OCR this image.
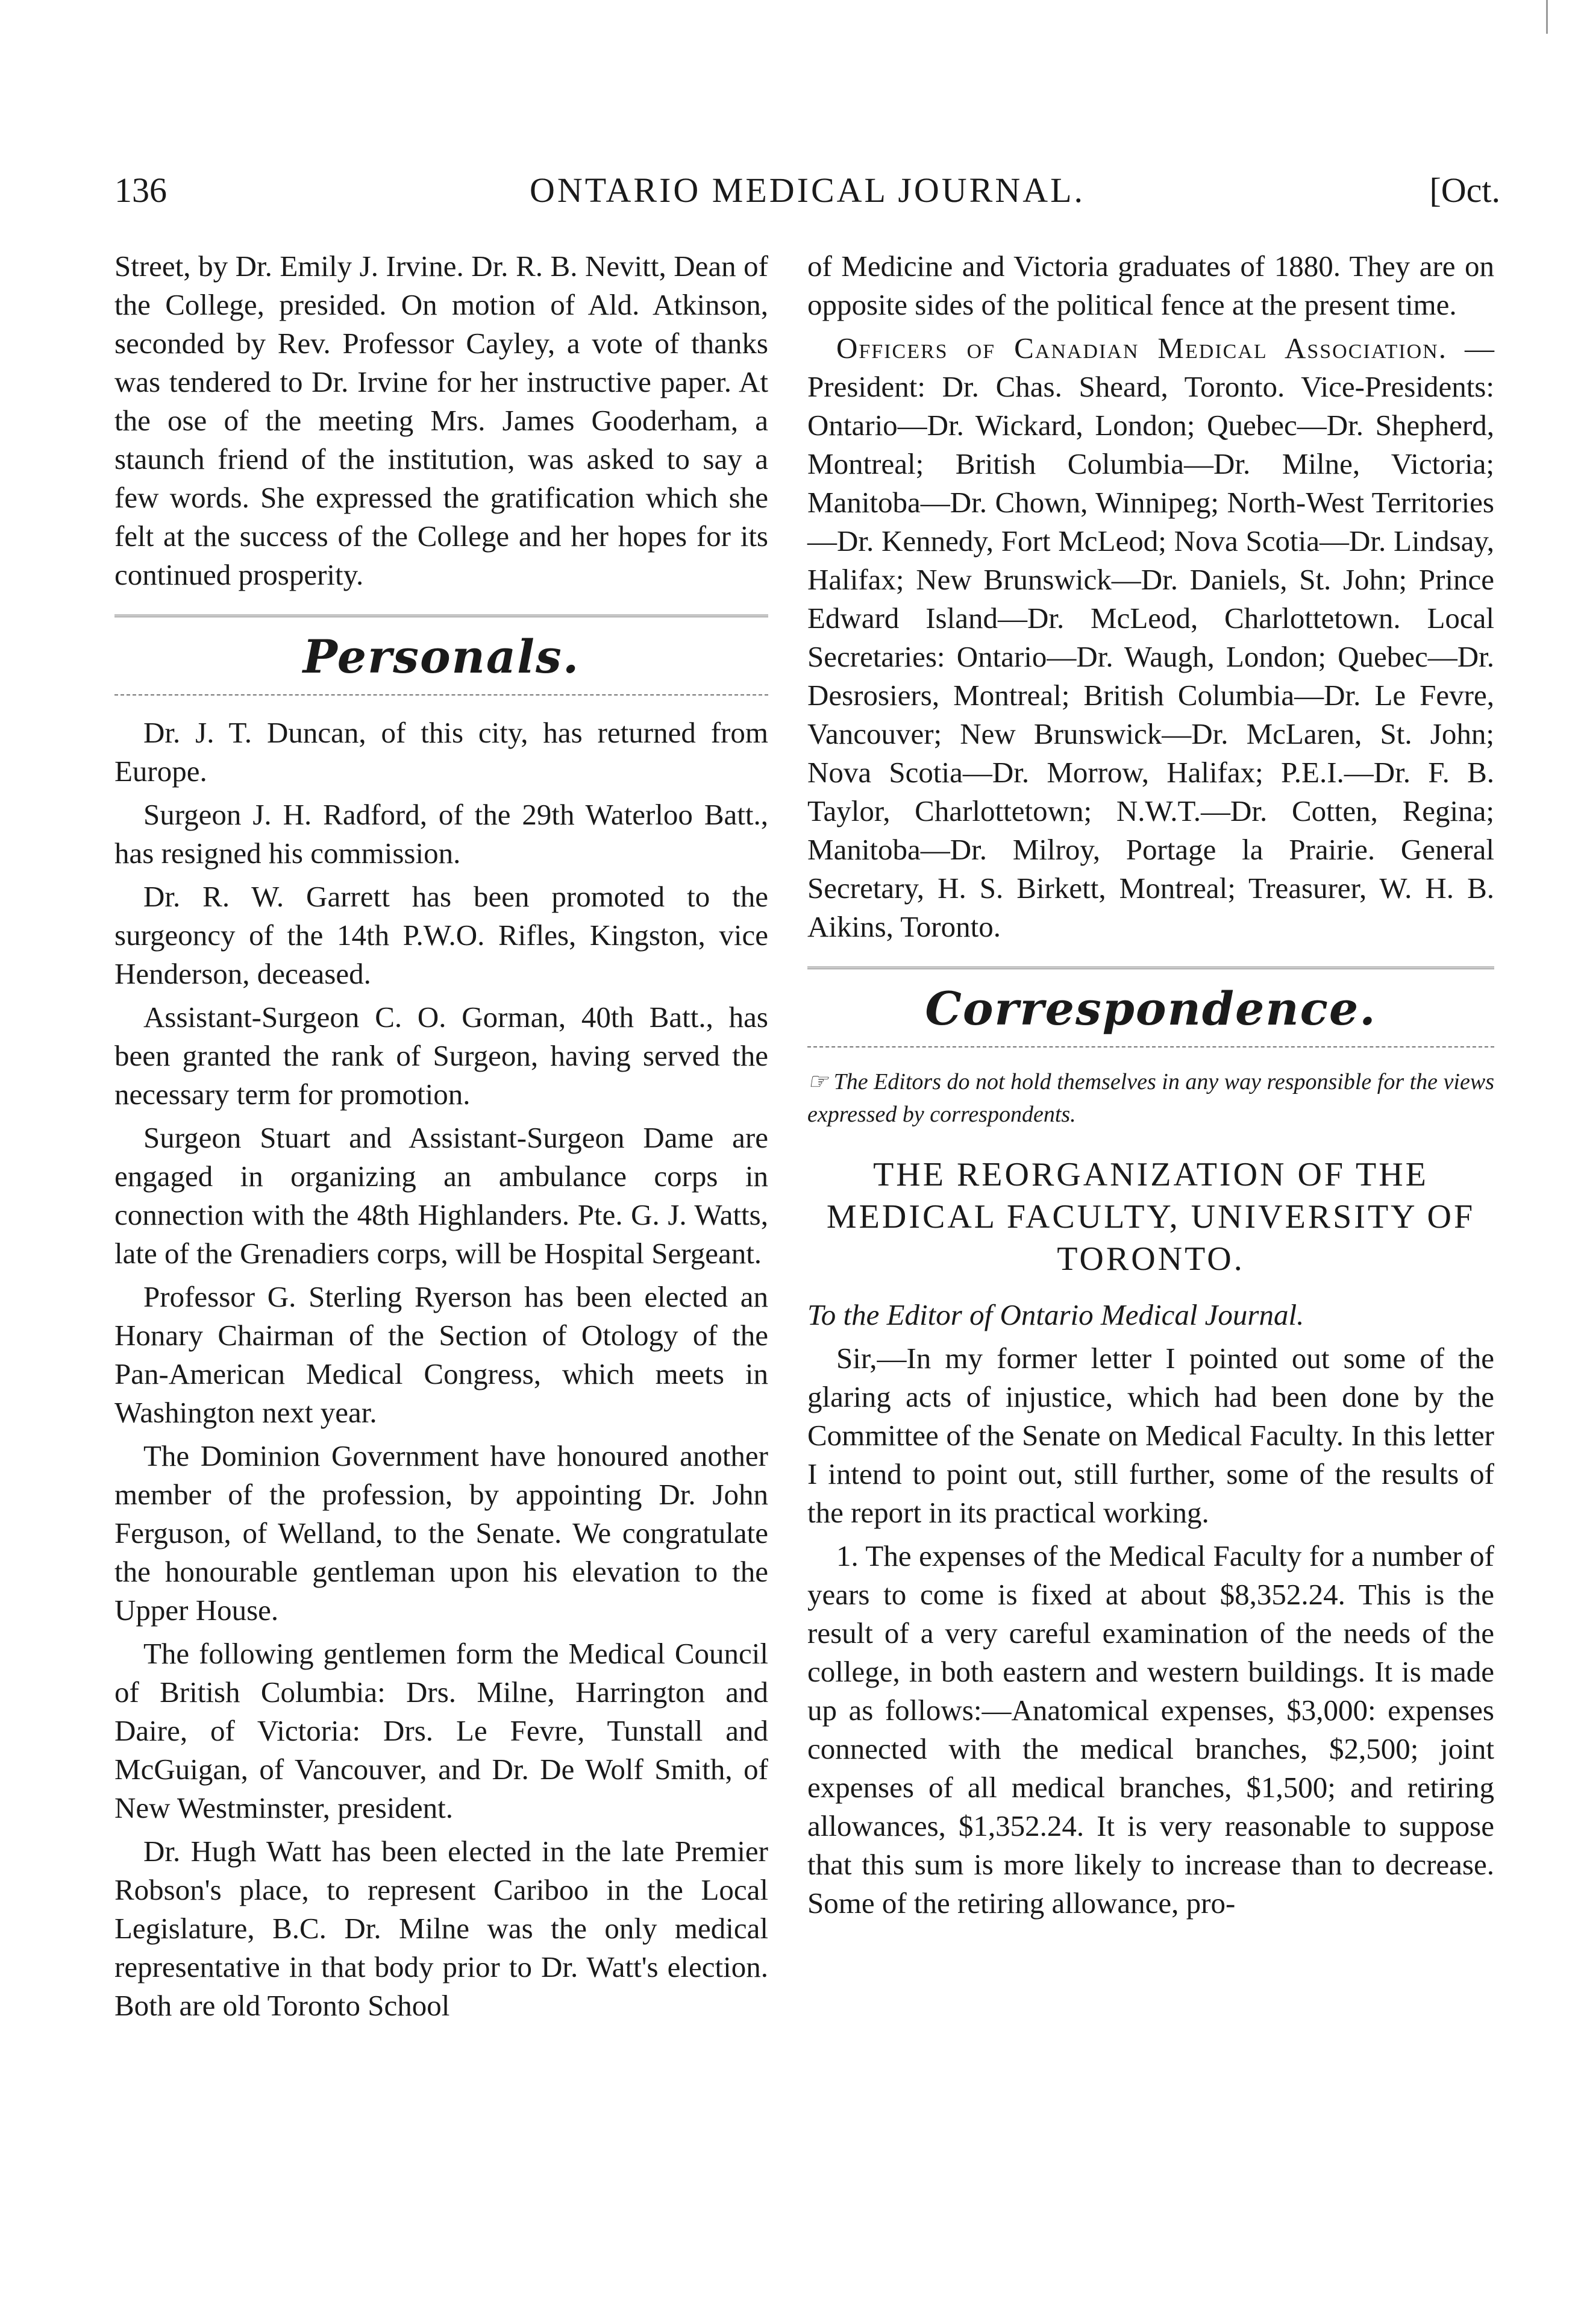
136	ONTARIO MEDICAL JOURNAL.	[Oct.

Street, by Dr. Emily J. Irvine. Dr. R. B. Nevitt, Dean of the College, presided. On motion of Ald. Atkinson, seconded by Rev. Professor Cayley, a vote of thanks was tendered to Dr. Irvine for her instructive paper. At the ose of the meeting Mrs. James Gooderham, a staunch friend of the institution, was asked to say a few words. She expressed the gratification which she felt at the success of the College and her hopes for its continued prosperity.

Personals.

Dr. J. T. Duncan, of this city, has returned from Europe.

Surgeon J. H. Radford, of the 29th Waterloo Batt., has resigned his commission.

Dr. R. W. Garrett has been promoted to the surgeoncy of the 14th P.W.O. Rifles, Kingston, vice Henderson, deceased.

Assistant-Surgeon C. O. Gorman, 40th Batt., has been granted the rank of Surgeon, having served the necessary term for promotion.

Surgeon Stuart and Assistant-Surgeon Dame are engaged in organizing an ambulance corps in connection with the 48th Highlanders. Pte. G. J. Watts, late of the Grenadiers corps, will be Hospital Sergeant.

Professor G. Sterling Ryerson has been elected an Honary Chairman of the Section of Otology of the Pan-American Medical Congress, which meets in Washington next year.

The Dominion Government have honoured another member of the profession, by appointing Dr. John Ferguson, of Welland, to the Senate. We congratulate the honourable gentleman upon his elevation to the Upper House.

The following gentlemen form the Medical Council of British Columbia: Drs. Milne, Harrington and Daire, of Victoria: Drs. Le Fevre, Tunstall and McGuigan, of Vancouver, and Dr. De Wolf Smith, of New Westminster, president.

Dr. Hugh Watt has been elected in the late Premier Robson's place, to represent Cariboo in the Local Legislature, B.C. Dr. Milne was the only medical representative in that body prior to Dr. Watt's election. Both are old Toronto School

of Medicine and Victoria graduates of 1880. They are on opposite sides of the political fence at the present time.

Officers of Canadian Medical Association. —President: Dr. Chas. Sheard, Toronto. Vice-Presidents: Ontario—Dr. Wickard, London; Quebec—Dr. Shepherd, Montreal; British Columbia—Dr. Milne, Victoria; Manitoba—Dr. Chown, Winnipeg; North-West Territories—Dr. Kennedy, Fort McLeod; Nova Scotia—Dr. Lindsay, Halifax; New Brunswick—Dr. Daniels, St. John; Prince Edward Island—Dr. McLeod, Charlottetown. Local Secretaries: Ontario—Dr. Waugh, London; Quebec—Dr. Desrosiers, Montreal; British Columbia—Dr. Le Fevre, Vancouver; New Brunswick—Dr. McLaren, St. John; Nova Scotia—Dr. Morrow, Halifax; P.E.I.—Dr. F. B. Taylor, Charlottetown; N.W.T.—Dr. Cotten, Regina; Manitoba—Dr. Milroy, Portage la Prairie. General Secretary, H. S. Birkett, Montreal; Treasurer, W. H. B. Aikins, Toronto.

Correspondence.

☞ The Editors do not hold themselves in any way responsible for the views expressed by correspondents.

THE REORGANIZATION OF THE MEDICAL FACULTY, UNIVERSITY OF TORONTO.

To the Editor of Ontario Medical Journal.

Sir,—In my former letter I pointed out some of the glaring acts of injustice, which had been done by the Committee of the Senate on Medical Faculty. In this letter I intend to point out, still further, some of the results of the report in its practical working.

1. The expenses of the Medical Faculty for a number of years to come is fixed at about $8,352.24. This is the result of a very careful examination of the needs of the college, in both eastern and western buildings. It is made up as follows:—Anatomical expenses, $3,000: expenses connected with the medical branches, $2,500; joint expenses of all medical branches, $1,500; and retiring allowances, $1,352.24. It is very reasonable to suppose that this sum is more likely to increase than to decrease. Some of the retiring allowance, pro-
